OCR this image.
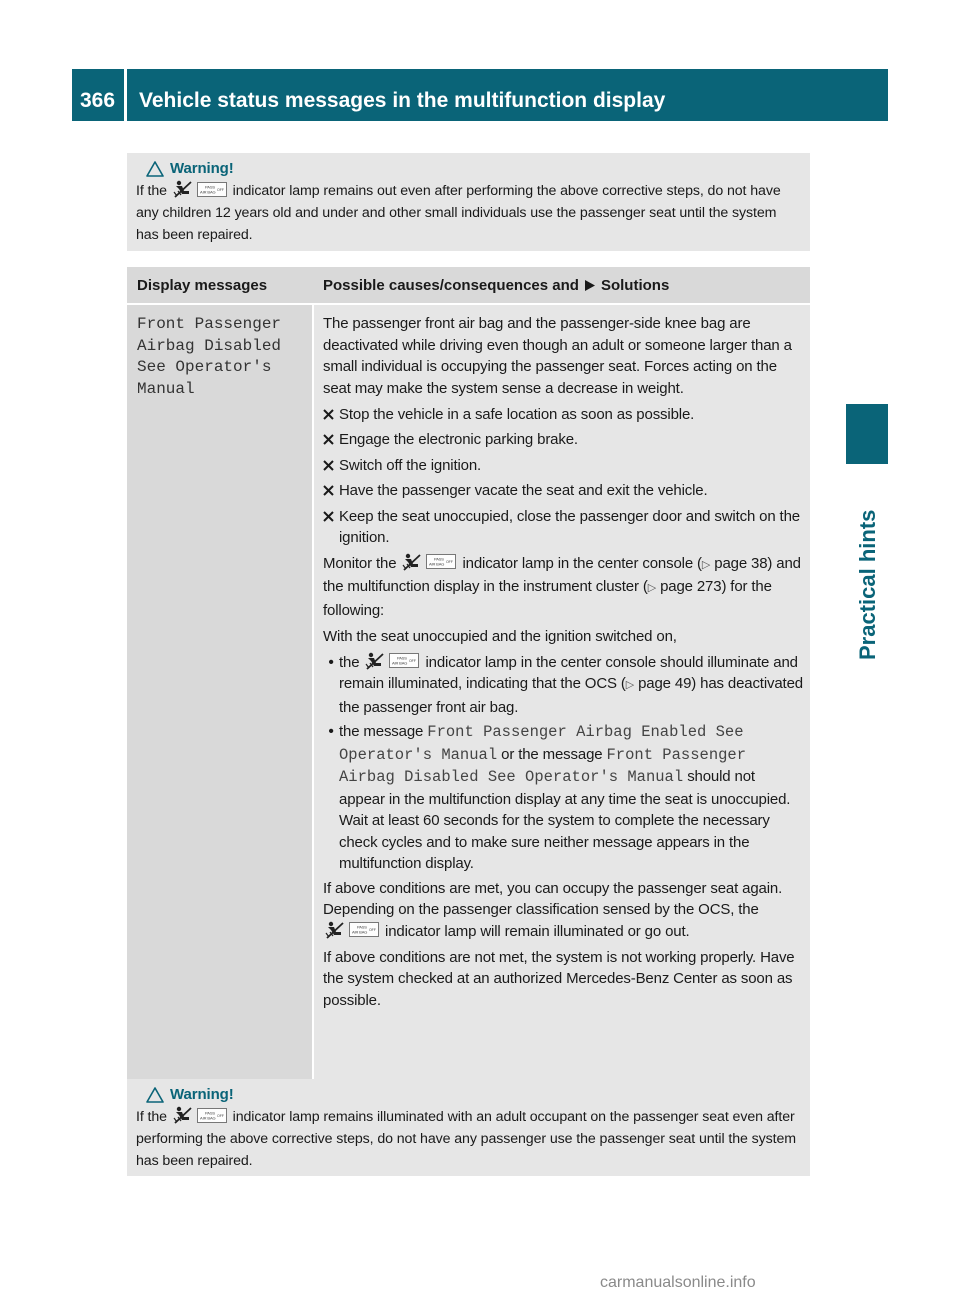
366	Vehicle status messages in the multifunction display
Practical hints
Warning!
If the	indicator lamp remains out even after performing the above corrective steps, do not have any children 12 years old and under and other small individuals use the passenger seat until the system has been repaired.
Display messages	Possible causes/consequences and Solutions
Front Passenger
Airbag Disabled
See Operator's
Manual

The passenger front air bag and the passenger-side knee bag are deactivated while driving even though an adult or someone larger than a small individual is occupying the passenger seat. Forces acting on the seat may make the system sense a decrease in weight.

Stop the vehicle in a safe location as soon as possible.
Engage the electronic parking brake.
Switch off the ignition.
Have the passenger vacate the seat and exit the vehicle.
Keep the seat unoccupied, close the passenger door and switch on the ignition.

Monitor the	indicator lamp in the center console (▷ page 38) and the multifunction display in the instrument cluster (▷ page 273) for the following:

With the seat unoccupied and the ignition switched on,

• the	indicator lamp in the center console should illuminate and remain illuminated, indicating that the OCS (▷ page 49) has deactivated the passenger front air bag.
• the message Front Passenger Airbag Enabled See Operator's Manual or the message Front Passenger Airbag Disabled See Operator's Manual should not appear in the multifunction display at any time the seat is unoccupied. Wait at least 60 seconds for the system to complete the necessary check cycles and to make sure neither message appears in the multifunction display.

If above conditions are met, you can occupy the passenger seat again. Depending on the passenger classification sensed by the OCS, the
indicator lamp will remain illuminated or go out.

If above conditions are not met, the system is not working properly. Have the system checked at an authorized Mercedes-Benz Center as soon as possible.

Warning!
If the	indicator lamp remains illuminated with an adult occupant on the passenger seat even after performing the above corrective steps, do not have any passenger use the passenger seat until the system has been repaired.
carmanualsonline.info
